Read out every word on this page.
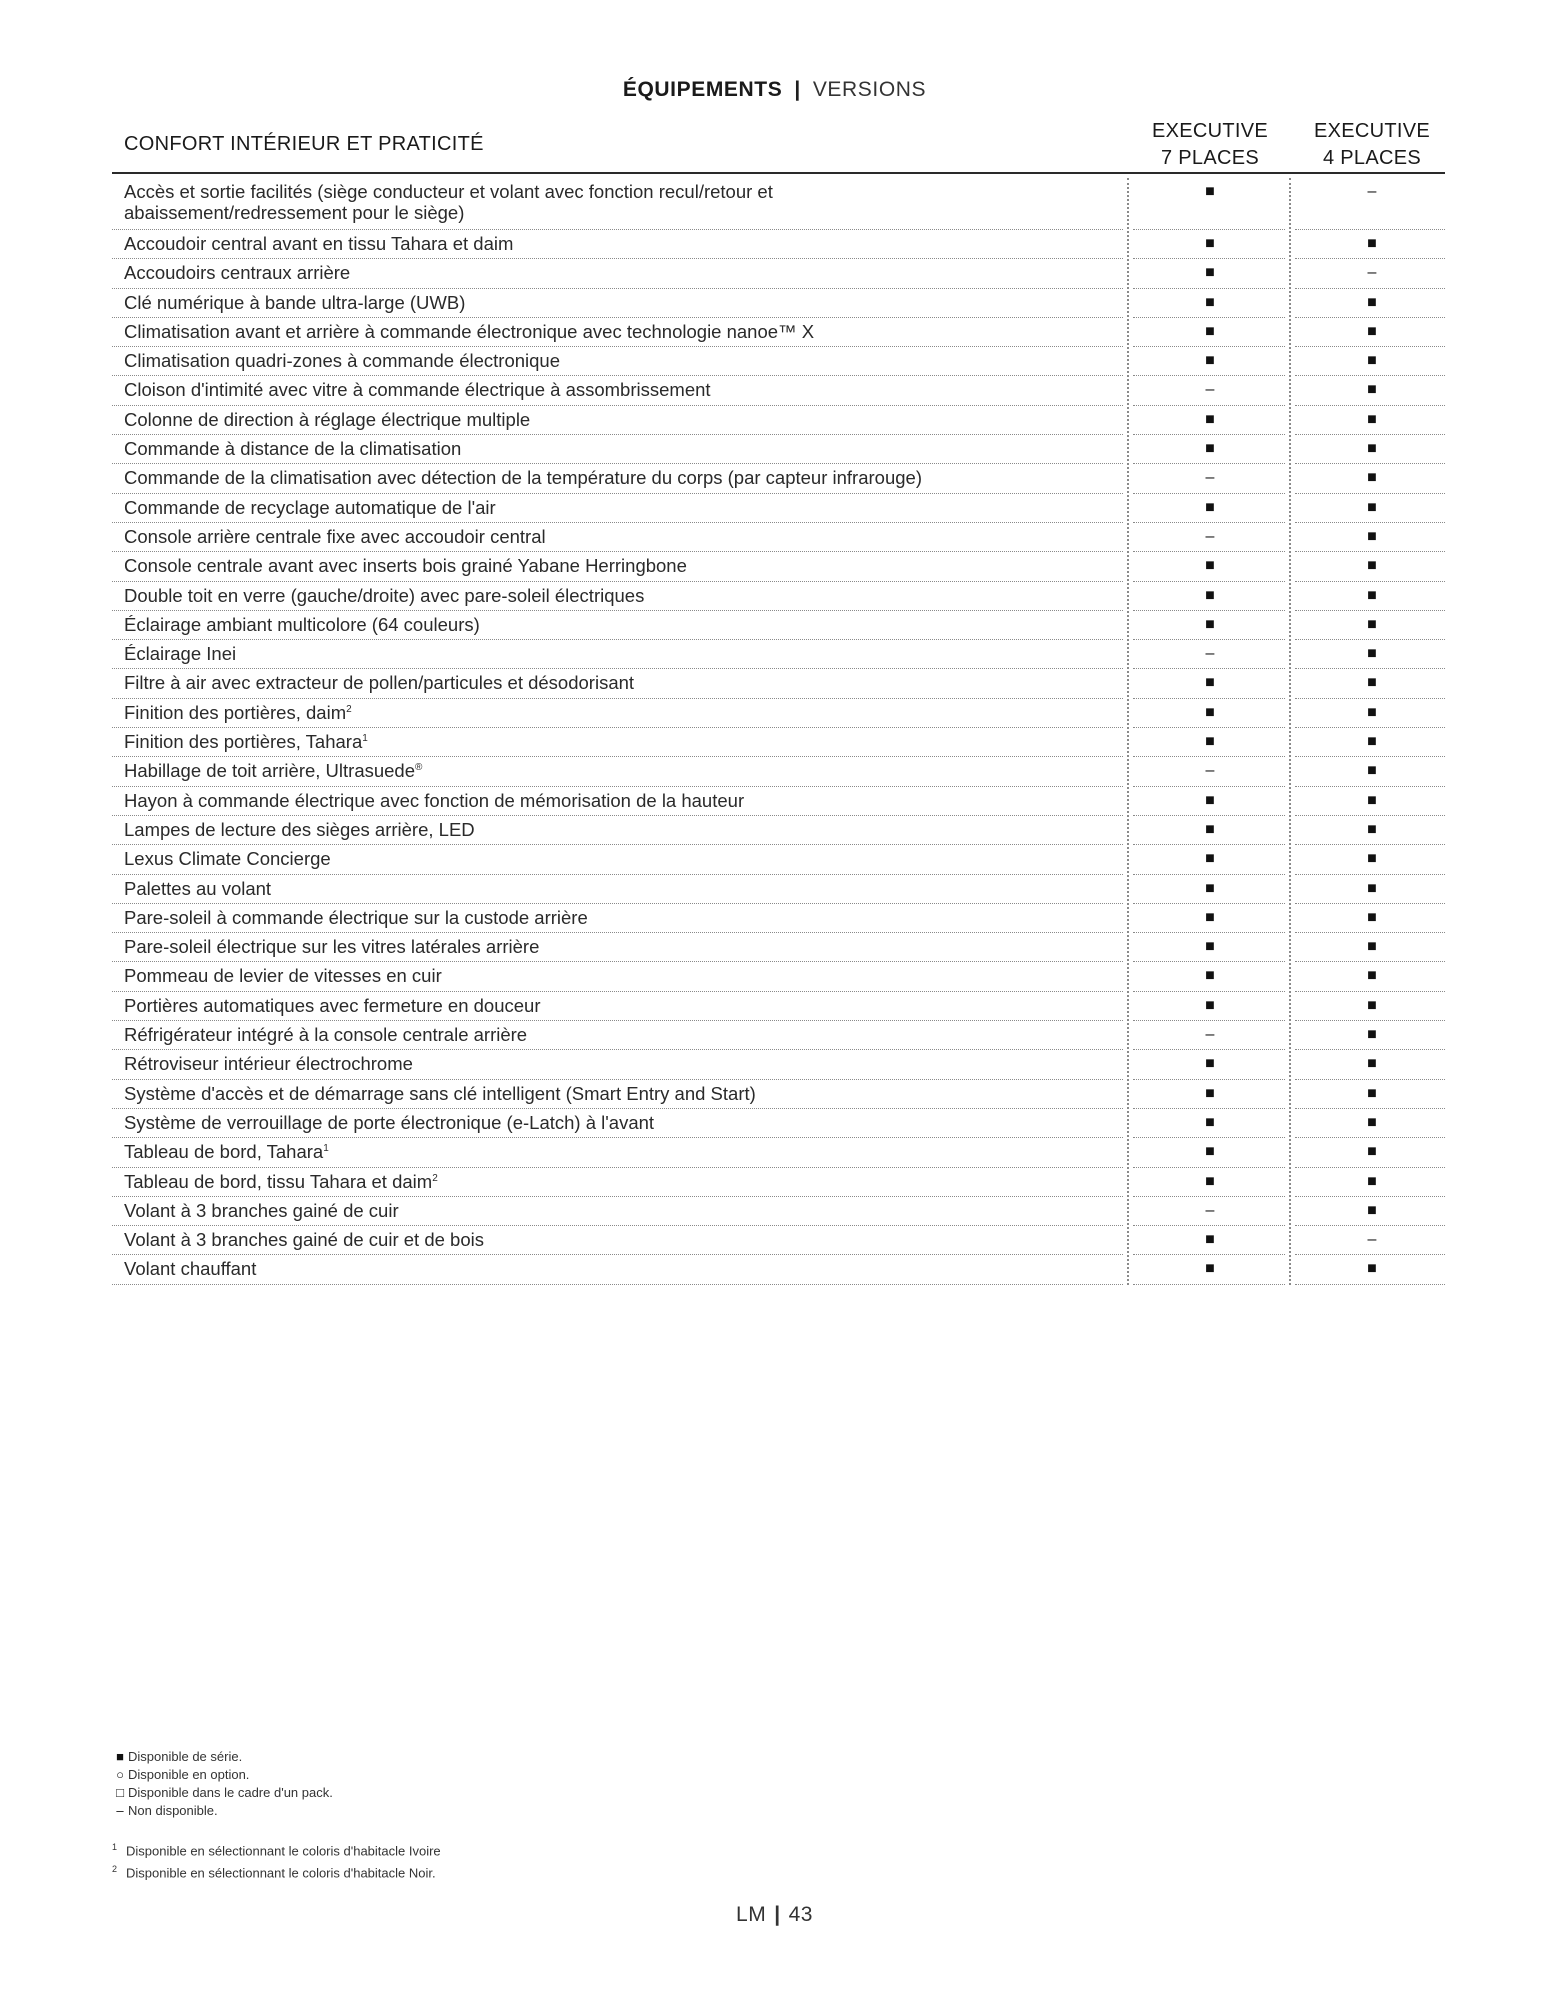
ÉQUIPEMENTS | VERSIONS
CONFORT INTÉRIEUR ET PRATICITÉ
EXECUTIVE
7 PLACES
EXECUTIVE
4 PLACES
Accès et sortie facilités (siège conducteur et volant avec fonction recul/retour et
abaissement/redressement pour le siège)
■	–
Accoudoir central avant en tissu Tahara et daim	■	■
Accoudoirs centraux arrière	■	–
Clé numérique à bande ultra-large (UWB)	■	■
Climatisation avant et arrière à commande électronique avec technologie nanoe™ X	■	■
Climatisation quadri-zones à commande électronique	■	■
Cloison d'intimité avec vitre à commande électrique à assombrissement	–	■
Colonne de direction à réglage électrique multiple	■	■
Commande à distance de la climatisation	■	■
Commande de la climatisation avec détection de la température du corps (par capteur infrarouge)	–	■
Commande de recyclage automatique de l'air	■	■
Console arrière centrale fixe avec accoudoir central	–	■
Console centrale avant avec inserts bois grainé Yabane Herringbone	■	■
Double toit en verre (gauche/droite) avec pare-soleil électriques	■	■
Éclairage ambiant multicolore (64 couleurs)	■	■
Éclairage Inei	–	■
Filtre à air avec extracteur de pollen/particules et désodorisant	■	■
Finition des portières, daim$^2$	■	■
Finition des portières, Tahara$^1$	■	■
Habillage de toit arrière, Ultrasuede®	–	■
Hayon à commande électrique avec fonction de mémorisation de la hauteur	■	■
Lampes de lecture des sièges arrière, LED	■	■
Lexus Climate Concierge	■	■
Palettes au volant	■	■
Pare-soleil à commande électrique sur la custode arrière	■	■
Pare-soleil électrique sur les vitres latérales arrière	■	■
Pommeau de levier de vitesses en cuir	■	■
Portières automatiques avec fermeture en douceur	■	■
Réfrigérateur intégré à la console centrale arrière	–	■
Rétroviseur intérieur électrochrome	■	■
Système d'accès et de démarrage sans clé intelligent (Smart Entry and Start)	■	■
Système de verrouillage de porte électronique (e-Latch) à l'avant	■	■
Tableau de bord, Tahara$^1$	■	■
Tableau de bord, tissu Tahara et daim$^2$	■	■
Volant à 3 branches gainé de cuir	–	■
Volant à 3 branches gainé de cuir et de bois	■	–
Volant chauffant	■	■
■ Disponible de série.
○ Disponible en option.
□ Disponible dans le cadre d'un pack.
– Non disponible.
1 Disponible en sélectionnant le coloris d'habitacle Ivoire
2 Disponible en sélectionnant le coloris d'habitacle Noir.
LM | 43
